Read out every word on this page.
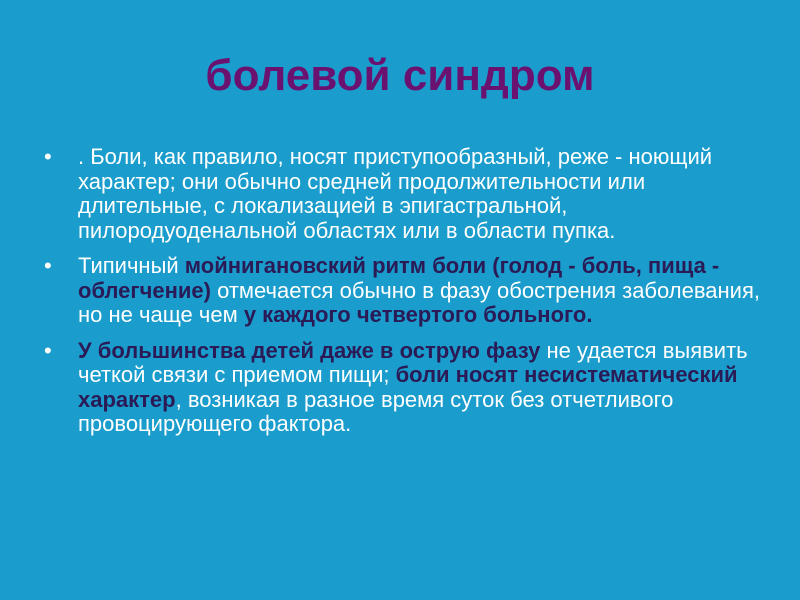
болевой синдром
•	. Боли, как правило, носят приступообразный, реже - ноющий характер; они обычно средней продолжительности или длительные, с локализацией в эпигастральной, пилородуоденальной областях или в области пупка.
•	Типичный мойнигановский ритм боли (голод - боль, пища - облегчение) отмечается обычно в фазу обострения заболевания, но не чаще чем у каждого четвертого больного.
•	У большинства детей даже в острую фазу не удается выявить четкой связи с приемом пищи; боли носят несистематический характер, возникая в разное время суток без отчетливого провоцирующего фактора.
